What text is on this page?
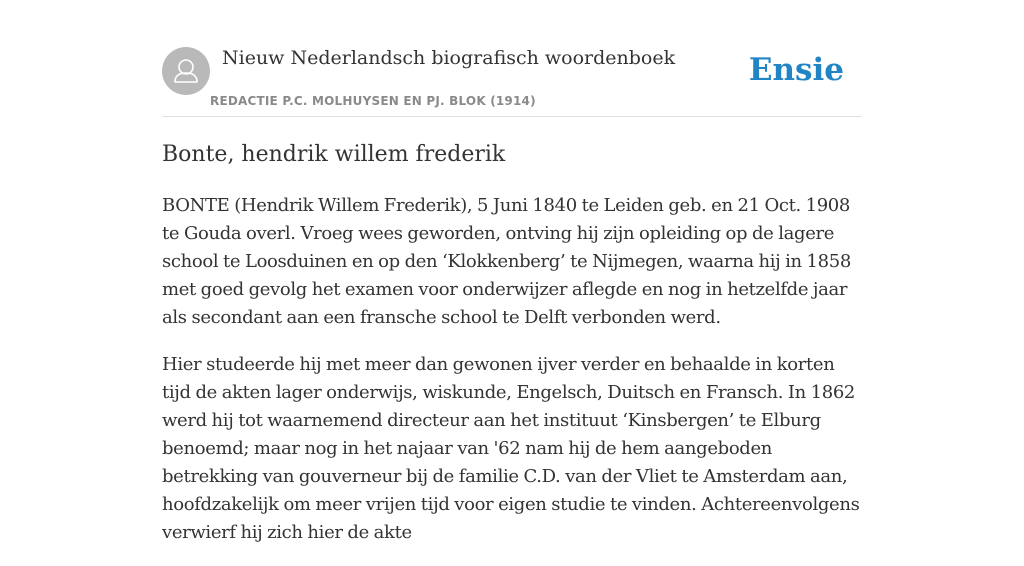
Nieuw Nederlandsch biografisch woordenboek
REDACTIE P.C. MOLHUYSEN EN PJ. BLOK (1914)
Ensie
Bonte, hendrik willem frederik

BONTE (Hendrik Willem Frederik), 5 Juni 1840 te Leiden geb. en 21 Oct. 1908 te Gouda overl. Vroeg wees geworden, ontving hij zijn opleiding op de lagere school te Loosduinen en op den ‘Klokkenberg’ te Nijmegen, waarna hij in 1858 met goed gevolg het examen voor onderwijzer aflegde en nog in hetzelfde jaar als secondant aan een fransche school te Delft verbonden werd.

Hier studeerde hij met meer dan gewonen ijver verder en behaalde in korten tijd de akten lager onderwijs, wiskunde, Engelsch, Duitsch en Fransch. In 1862 werd hij tot waarnemend directeur aan het instituut ‘Kinsbergen’ te Elburg benoemd; maar nog in het najaar van '62 nam hij de hem aangeboden betrekking van gouverneur bij de familie C.D. van der Vliet te Amsterdam aan, hoofdzakelijk om meer vrijen tijd voor eigen studie te vinden. Achtereenvolgens verwierf hij zich hier de akte
